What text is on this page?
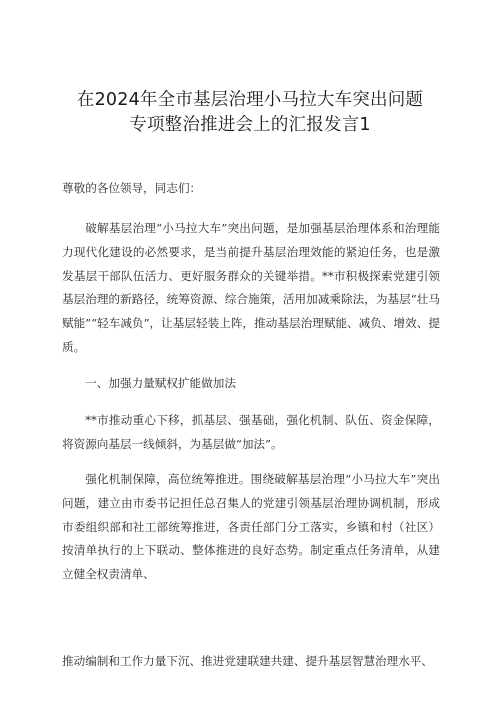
在2024年全市基层治理小马拉大车突出问题
专项整治推进会上的汇报发言1
尊敬的各位领导，同志们：
破解基层治理“小马拉大车”突出问题，是加强基层治理体系和治理能力现代化建设的必然要求，是当前提升基层治理效能的紧迫任务，也是激发基层干部队伍活力、更好服务群众的关键举措。**市积极探索党建引领基层治理的新路径，统筹资源、综合施策，活用加减乘除法，为基层“壮马赋能”“轻车减负”，让基层轻装上阵，推动基层治理赋能、减负、增效、提质。
一、加强力量赋权扩能做加法
**市推动重心下移，抓基层、强基础，强化机制、队伍、资金保障，将资源向基层一线倾斜，为基层做“加法”。
强化机制保障，高位统筹推进。围绕破解基层治理“小马拉大车”突出问题，建立由市委书记担任总召集人的党建引领基层治理协调机制，形成市委组织部和社工部统筹推进，各责任部门分工落实，乡镇和村（社区）按清单执行的上下联动、整体推进的良好态势。制定重点任务清单，从建立健全权责清单、
推动编制和工作力量下沉、推进党建联建共建、提升基层智慧治理水平、
